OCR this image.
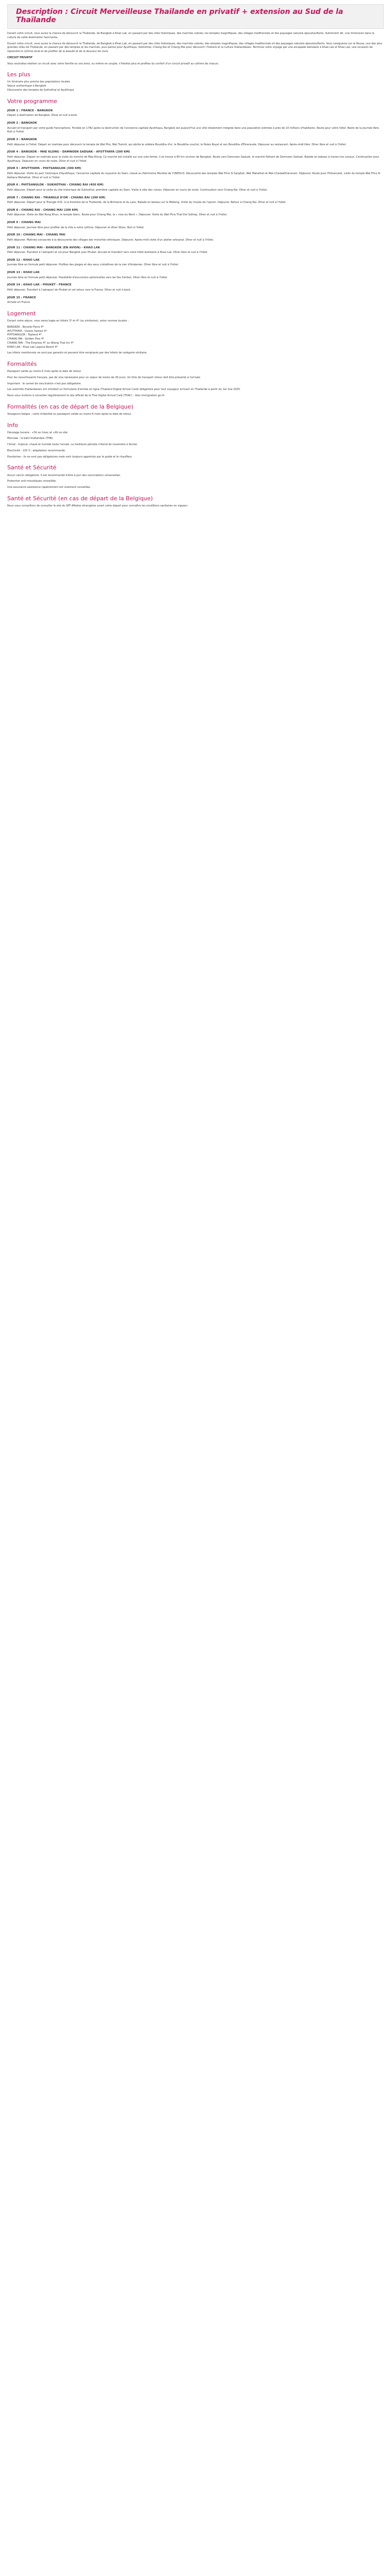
Description : Circuit Merveilleuse Thaïlande en privatif + extension au Sud de la Thaïlande

Durant votre circuit, vous aurez la chance de découvrir la Thaïlande, de Bangkok à Khao Lak, en passant par des cités historiques, des marchés colorés, les temples magnifiques, des villages traditionnels et des paysages naturels époustouflants. Autrement dit, une immersion dans la culture de cette destination fascinante.

Durant votre circuit, vous aurez la chance de découvrir la Thaïlande, de Bangkok à Khao Lak, en passant par des cités historiques, des marchés colorés, des temples magnifiques, des villages traditionnels et des paysages naturels époustouflants. Vous naviguerez sur le fleuve, une des plus grandes villes de Thaïlande, en passant par des temples et les marchés, puis partez pour Ayutthaya, Sukhothaï, Chiang Rai et Chiang Mai pour découvrir l'histoire et la culture thaïlandaises. Terminez votre voyage par une escapade balnéaire à Khao Lak et Khao Lak, une occasion de reprendre le rythme local et de profiter de la beauté et de la douceur de vivre.

CIRCUIT PRIVATIF

Vous souhaitez réaliser ce circuit avec votre famille ou vos amis, ou même en couple, n'hésitez plus et profitez du confort d'un circuit privatif au rythme de chacun.

Les plus
Un itinéraire plus proche des populations locales
Séjour authentique à Bangkok
Découverte des temples de Sukhothaï et Ayutthaya
Votre programme
JOUR 1 : FRANCE - BANGKOK

Départ à destination de Bangkok. Dîner et nuit à bord.

JOUR 2 : BANGKOK

Accueil et transport par votre guide francophone. Fondée en 1782 après la destruction de l'ancienne capitale Ayutthaya, Bangkok est aujourd'hui une ville totalement intégrée dans une population estimée à près de 10 millions d'habitants. Route pour votre hôtel. Reste de la journée libre. Nuit à l'hôtel.

JOUR 3 : BANGKOK

Petit déjeuner à l'hôtel. Départ en matinée pour découvrir le temple de Wat Pho, Wat Traimit, qui abrite le célèbre Bouddha d'or, le Bouddha couché, le Palais Royal et son Bouddha d'Émeraude. Déjeuner au restaurant. Après-midi libre. Dîner libre et nuit à l'hôtel.

JOUR 4 : BANGKOK - MAE KLONG - DAMNOEN SADUAK - AYUTTHAYA (200 KM)

Petit déjeuner. Départ en matinée pour la visite du marché de Mae Klong. Ce marché est installé sur une voie ferrée. Il se trouve à 80 km environ de Bangkok. Route vers Damnoen Saduak, le marché flottant de Damnoen Saduak. Balade en bateau à travers les canaux. Continuation pour Ayutthaya. Déjeuner en cours de route. Dîner et nuit à l'hôtel.

JOUR 5 : AYUTTHAYA - PHITSANULOK (300 KM)

Petit déjeuner. Visite du parc historique d'Ayutthaya, l'ancienne capitale du royaume du Siam, classé au Patrimoine Mondial de l'UNESCO. Découverte des temples Wat Phra Si Sanphet, Wat Mahathat et Wat Chaiwatthanaram. Déjeuner. Route pour Phitsanulok, visite du temple Wat Phra Si Rattana Mahathat. Dîner et nuit à l'hôtel.

JOUR 6 : PHITSANULOK - SUKHOTHAI - CHIANG RAI (450 KM)

Petit déjeuner. Départ pour la visite du site historique de Sukhothaï, première capitale du Siam. Visite à vélo des ruines. Déjeuner en cours de route. Continuation vers Chiang Rai. Dîner et nuit à l'hôtel.

JOUR 7 : CHIANG RAI - TRIANGLE D'OR - CHIANG RAI (200 KM)

Petit déjeuner. Départ pour le Triangle d'Or, à la frontière de la Thaïlande, de la Birmanie et du Laos. Balade en bateau sur le Mékong. Visite du musée de l'opium. Déjeuner. Retour à Chiang Rai. Dîner et nuit à l'hôtel.

JOUR 8 : CHIANG RAI - CHIANG MAI (200 KM)

Petit déjeuner. Visite du Wat Rong Khun, le temple blanc. Route pour Chiang Mai, la « rose du Nord ». Déjeuner. Visite du Wat Phra That Doi Suthep. Dîner et nuit à l'hôtel.

JOUR 9 : CHIANG MAI

Petit déjeuner. Journée libre pour profiter de la ville à votre rythme. Déjeuner et dîner libres. Nuit à l'hôtel.

JOUR 10 : CHIANG MAI - CHIANG MAI

Petit déjeuner. Matinée consacrée à la découverte des villages des minorités ethniques. Déjeuner. Après-midi visite d'un atelier artisanal. Dîner et nuit à l'hôtel.

JOUR 11 : CHIANG MAI - BANGKOK (EN AVION) - KHAO LAK

Petit déjeuner. Transfert à l'aéroport et vol pour Bangkok puis Phuket. Accueil et transfert vers votre hôtel balnéaire à Khao Lak. Dîner libre et nuit à l'hôtel.

JOUR 12 : KHAO LAK

Journée libre en formule petit déjeuner. Profitez des plages et des eaux cristallines de la mer d'Andaman. Dîner libre et nuit à l'hôtel.

JOUR 13 : KHAO LAK

Journée libre en formule petit déjeuner. Possibilité d'excursions optionnelles vers les îles Similan. Dîner libre et nuit à l'hôtel.

JOUR 14 : KHAO LAK - PHUKET - FRANCE

Petit déjeuner. Transfert à l'aéroport de Phuket et vol retour vers la France. Dîner et nuit à bord.

JOUR 15 : FRANCE

Arrivée en France.

Logement

Durant votre séjour, vous serez logés en hôtels 3* et 4* (ou similaires), selon normes locales :

BANGKOK : Novotel Fenix 4*
AYUTTHAYA : Classic Kameo 4*
PHITSANULOK : Topland 4*
CHIANG RAI : Golden Pine 4*
CHIANG MAI : The Empress 4* ou Wiang Thai Inn 4*
KHAO LAK : Khao Lak Laguna Resort 4*

Les hôtels mentionnés ne sont pas garantis et peuvent être remplacés par des hôtels de catégorie similaire.

Formalités

Passeport valide au moins 6 mois après la date de retour.

Pour les ressortissants français, pas de visa nécessaire pour un séjour de moins de 30 jours. Un titre de transport retour doit être présenté à l'arrivée.

Important : le carnet de vaccination n'est pas obligatoire.

Les autorités thaïlandaises ont introduit un formulaire d'entrée en ligne (Thailand Digital Arrival Card) obligatoire pour tout voyageur arrivant en Thaïlande à partir du 1er mai 2025.

Nous vous invitons à consulter régulièrement le site officiel de la Thai Digital Arrival Card (TDAC) : tdac.immigration.go.th

Formalités (en cas de départ de la Belgique)

Voyageurs belges : carte d'identité ou passeport valide au moins 6 mois après la date de retour.

Info

Décalage horaire : +5h en hiver et +6h en été.

Monnaie : le baht thaïlandais (THB).

Climat : tropical, chaud et humide toute l'année. La meilleure période s'étend de novembre à février.

Électricité : 220 V ; adaptateur recommandé.

Pourboires : ils ne sont pas obligatoires mais sont toujours appréciés par le guide et le chauffeur.

Santé et Sécurité

Aucun vaccin obligatoire. Il est recommandé d'être à jour des vaccinations universelles.

Protection anti-moustiques conseillée.

Une assurance assistance rapatriement est vivement conseillée.

Santé et Sécurité (en cas de départ de la Belgique)

Nous vous conseillons de consulter le site du SPF Affaires étrangères avant votre départ pour connaître les conditions sanitaires en vigueur.
